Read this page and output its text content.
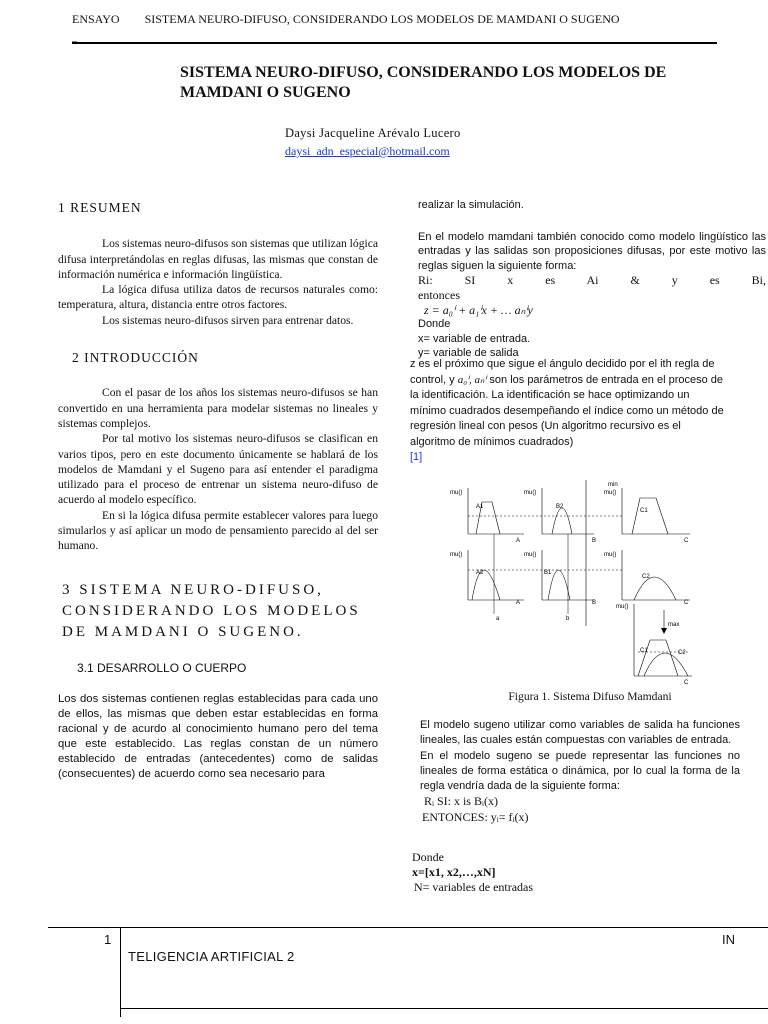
ENSAYO SISTEMA NEURO-DIFUSO, CONSIDERANDO LOS MODELOS DE MAMDANI O SUGENO
–
SISTEMA NEURO-DIFUSO, CONSIDERANDO LOS MODELOS DE MAMDANI O SUGENO
Daysi Jacqueline Arévalo Lucero
daysi_adn_especial@hotmail.com

1 RESUMEN

Los sistemas neuro-difusos son sistemas que utilizan lógica difusa interpretándolas en reglas difusas, las mismas que constan de información numérica e información lingüística.

La lógica difusa utiliza datos de recursos naturales como: temperatura, altura, distancia entre otros factores.

Los sistemas neuro-difusos sirven para entrenar datos.

2 INTRODUCCIÓN

Con el pasar de los años los sistemas neuro-difusos se han convertido en una herramienta para modelar sistemas no lineales y sistemas complejos.

Por tal motivo los sistemas neuro-difusos se clasifican en varios tipos, pero en este documento únicamente se hablará de los modelos de Mamdani y el Sugeno para así entender el paradigma utilizado para el proceso de entrenar un sistema neuro-difuso de acuerdo al modelo específico.

En si la lógica difusa permite establecer valores para luego simularlos y así aplicar un modo de pensamiento parecido al del ser humano.

3 SISTEMA NEURO-DIFUSO, CONSIDERANDO LOS MODELOS DE MAMDANI O SUGENO.

3.1 DESARROLLO O CUERPO

Los dos sistemas contienen reglas establecidas para cada uno de ellos, las mismas que deben estar establecidas en forma racional y de acurdo al conocimiento humano pero del tema que este establecido. Las reglas constan de un número establecido de entradas (antecedentes) como de salidas (consecuentes) de acuerdo como sea necesario para

realizar la simulación.

En el modelo mamdani también conocido como modelo lingüístico las entradas y las salidas son proposiciones difusas, por este motivo las reglas siguen la siguiente forma:

Ri: SI x es Ai & y es Bi, entonces

z = a₀ⁱ + a₁ⁱx + … aₙⁱy

Donde

x= variable de entrada.

y= variable de salida

z es el próximo que sigue el ángulo decidido por el ith regla de control, y a₀ⁱ, aₙⁱ son los parámetros de entrada en el proceso de la identificación. La identificación se hace optimizando un mínimo cuadrados desempeñando el índice como un método de regresión lineal con pesos (Un algoritmo recursivo es el algoritmo de mínimos cuadrados)
[1]
mu()	mu()	mu()
mu()	mu()	mu()
mu()
min
max
A1
A2
B2
B1
C1
C2
C1	C2
A
A
B
B
C
C
C
a	b
Figura 1. Sistema Difuso Mamdani

El modelo sugeno utilizar como variables de salida ha funciones lineales, las cuales están compuestas con variables de entrada.

En el modelo sugeno se puede representar las funciones no lineales de forma estática o dinámica, por lo cual la forma de la regla vendría dada de la siguiente forma:

Rᵢ SI: x is Bᵢ(x)

ENTONCES: yᵢ= fᵢ(x)

Donde

x=[x1, x2,…,xN]

N= variables de entradas

1	IN
TELIGENCIA ARTIFICIAL 2
